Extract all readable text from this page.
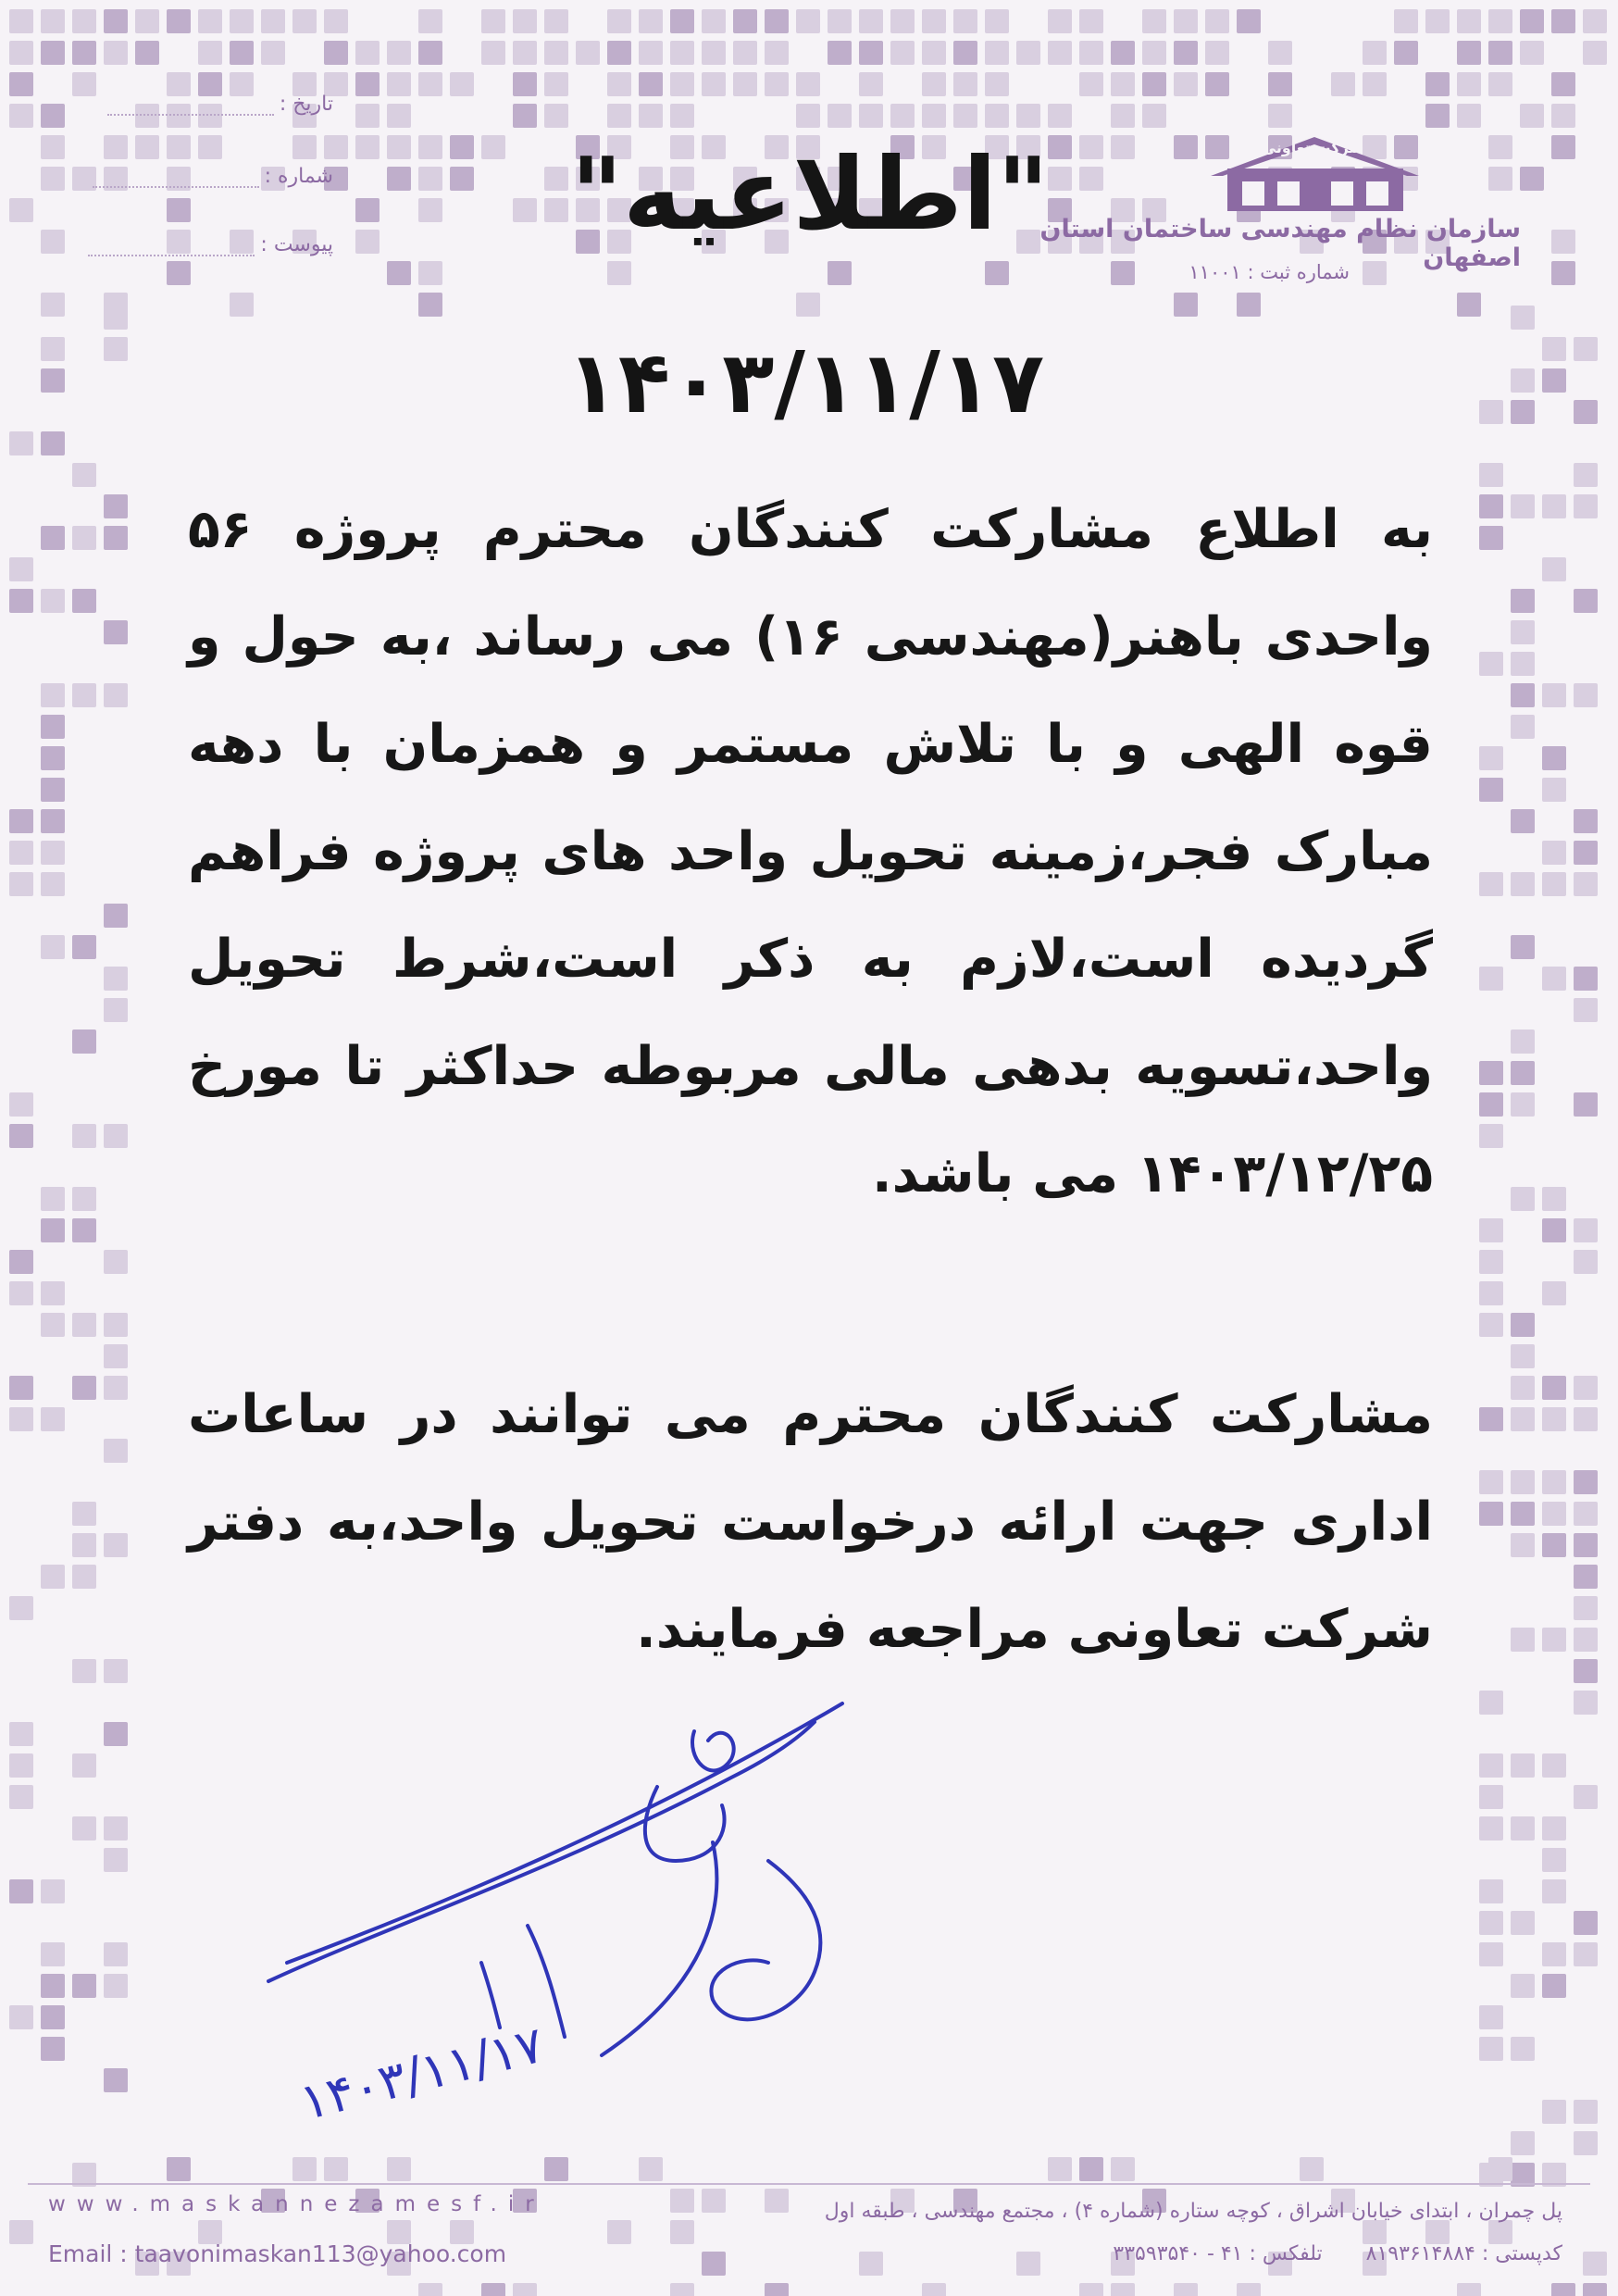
شرکت تعاونی
سازمان نظام مهندسی ساختمان استان اصفهان
شماره ثبت : ۱۱۰۰۱
تاریخ :
شماره :
پیوست :	"اطلاعیه"
۱۴۰۳/۱۱/۱۷
به اطلاع مشارکت کنندگان محترم پروژه ۵۶ واحدی باهنر(مهندسی ۱۶) می رساند ،به حول و قوه الهی و با تلاش مستمر و همزمان با دهه مبارک فجر،زمینه تحویل واحد های پروژه فراهم گردیده است،لازم به ذکر است،شرط تحویل واحد،تسویه بدهی مالی مربوطه حداکثر تا مورخ ۱۴۰۳/۱۲/۲۵ می باشد.
مشارکت کنندگان محترم می توانند در ساعات اداری جهت ارائه درخواست تحویل واحد،به دفتر شرکت تعاونی مراجعه فرمایند.
۱۴۰۳/۱۱/۱۷
www.maskannezamesf.ir
Email : taavonimaskan113@yahoo.com
پل چمران ، ابتدای خیابان اشراق ، کوچه ستاره (شماره ۴) ، مجتمع مهندسی ، طبقه اول
کدپستی : ۸۱۹۳۶۱۴۸۸۴ تلفکس : ۴۱ - ۳۳۵۹۳۵۴۰
